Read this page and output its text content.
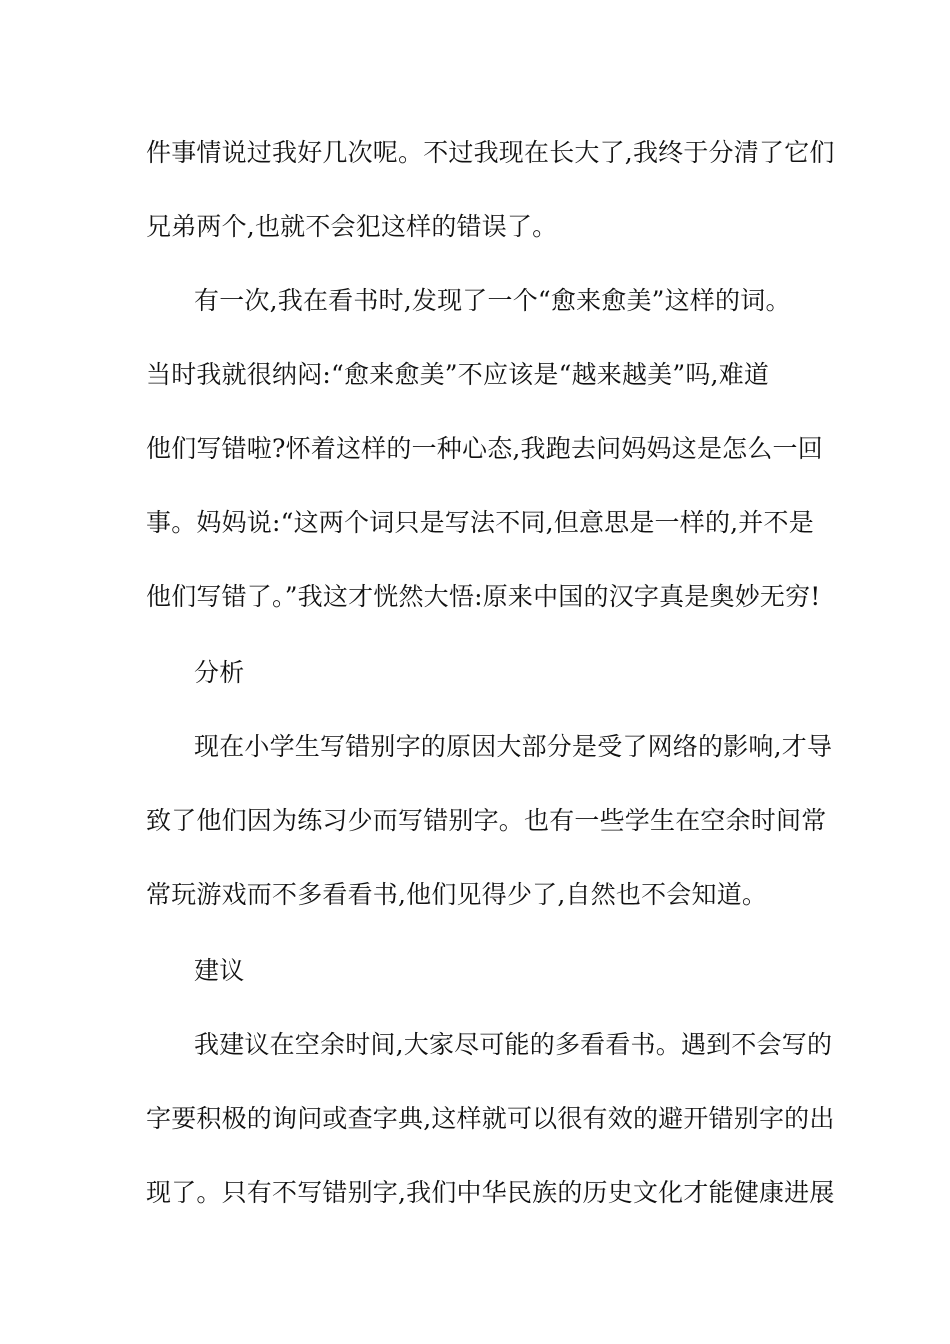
件事情说过我好几次呢。不过我现在长大了,我终于分清了它们
兄弟两个,也就不会犯这样的错误了。
有一次,我在看书时,发现了一个“愈来愈美”这样的词。
当时我就很纳闷:“愈来愈美”不应该是“越来越美”吗,难道
他们写错啦?怀着这样的一种心态,我跑去问妈妈这是怎么一回
事。妈妈说:“这两个词只是写法不同,但意思是一样的,并不是
他们写错了。”我这才恍然大悟:原来中国的汉字真是奥妙无穷!
分析
现在小学生写错别字的原因大部分是受了网络的影响,才导
致了他们因为练习少而写错别字。也有一些学生在空余时间常
常玩游戏而不多看看书,他们见得少了,自然也不会知道。
建议
我建议在空余时间,大家尽可能的多看看书。遇到不会写的
字要积极的询问或查字典,这样就可以很有效的避开错别字的出
现了。只有不写错别字,我们中华民族的历史文化才能健康进展
